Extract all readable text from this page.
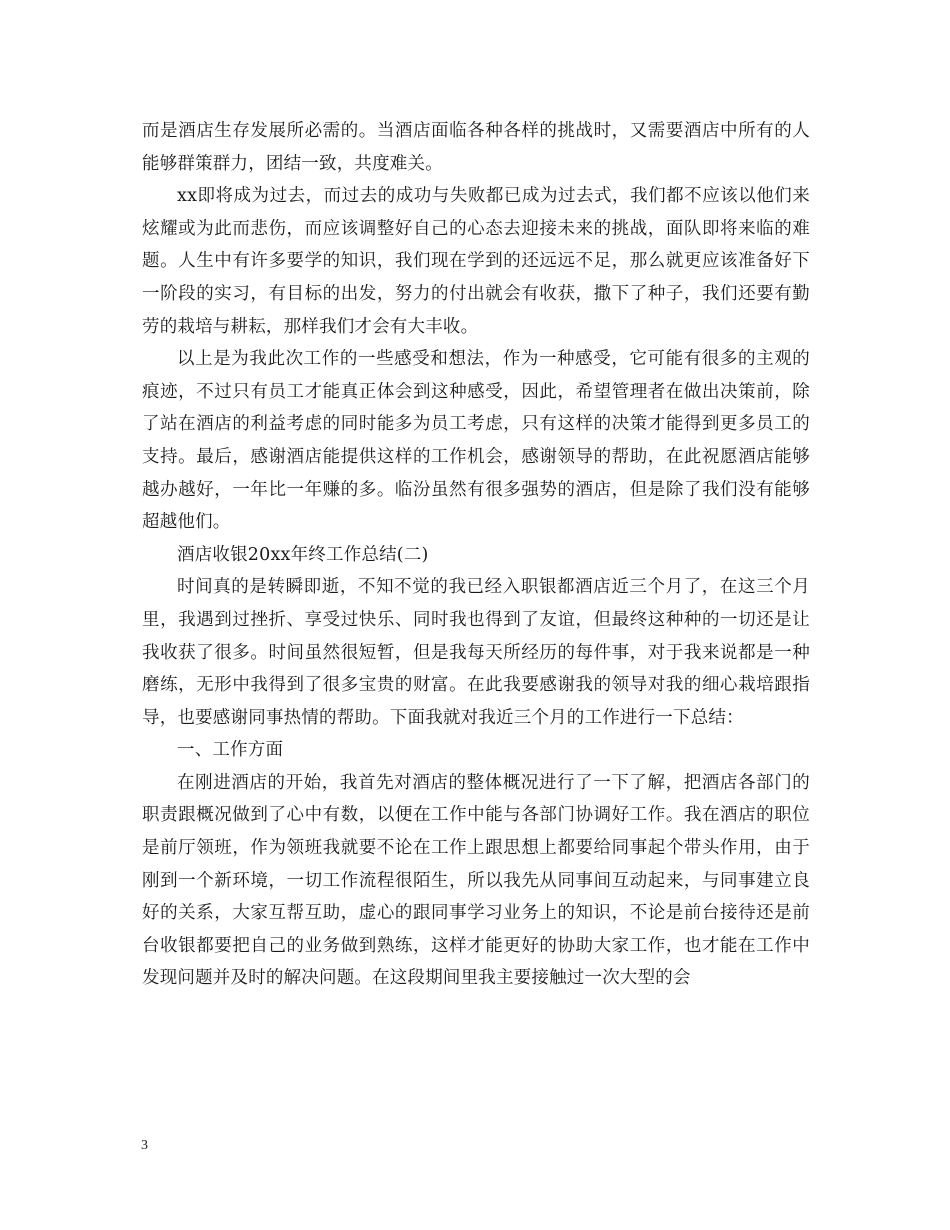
而是酒店生存发展所必需的。当酒店面临各种各样的挑战时，又需要酒店中所有的人能够群策群力，团结一致，共度难关。

xx即将成为过去，而过去的成功与失败都已成为过去式，我们都不应该以他们来炫耀或为此而悲伤，而应该调整好自己的心态去迎接未来的挑战，面队即将来临的难题。人生中有许多要学的知识，我们现在学到的还远远不足，那么就更应该准备好下一阶段的实习，有目标的出发，努力的付出就会有收获，撒下了种子，我们还要有勤劳的栽培与耕耘，那样我们才会有大丰收。

以上是为我此次工作的一些感受和想法，作为一种感受，它可能有很多的主观的痕迹，不过只有员工才能真正体会到这种感受，因此，希望管理者在做出决策前，除了站在酒店的利益考虑的同时能多为员工考虑，只有这样的决策才能得到更多员工的支持。最后，感谢酒店能提供这样的工作机会，感谢领导的帮助，在此祝愿酒店能够越办越好，一年比一年赚的多。临汾虽然有很多强势的酒店，但是除了我们没有能够超越他们。

酒店收银20xx年终工作总结(二)

时间真的是转瞬即逝，不知不觉的我已经入职银都酒店近三个月了，在这三个月里，我遇到过挫折、享受过快乐、同时我也得到了友谊，但最终这种种的一切还是让我收获了很多。时间虽然很短暂，但是我每天所经历的每件事，对于我来说都是一种磨练，无形中我得到了很多宝贵的财富。在此我要感谢我的领导对我的细心栽培跟指导，也要感谢同事热情的帮助。下面我就对我近三个月的工作进行一下总结：

一、工作方面

在刚进酒店的开始，我首先对酒店的整体概况进行了一下了解，把酒店各部门的职责跟概况做到了心中有数，以便在工作中能与各部门协调好工作。我在酒店的职位是前厅领班，作为领班我就要不论在工作上跟思想上都要给同事起个带头作用，由于刚到一个新环境，一切工作流程很陌生，所以我先从同事间互动起来，与同事建立良好的关系，大家互帮互助，虚心的跟同事学习业务上的知识，不论是前台接待还是前台收银都要把自己的业务做到熟练，这样才能更好的协助大家工作，也才能在工作中发现问题并及时的解决问题。在这段期间里我主要接触过一次大型的会

3
